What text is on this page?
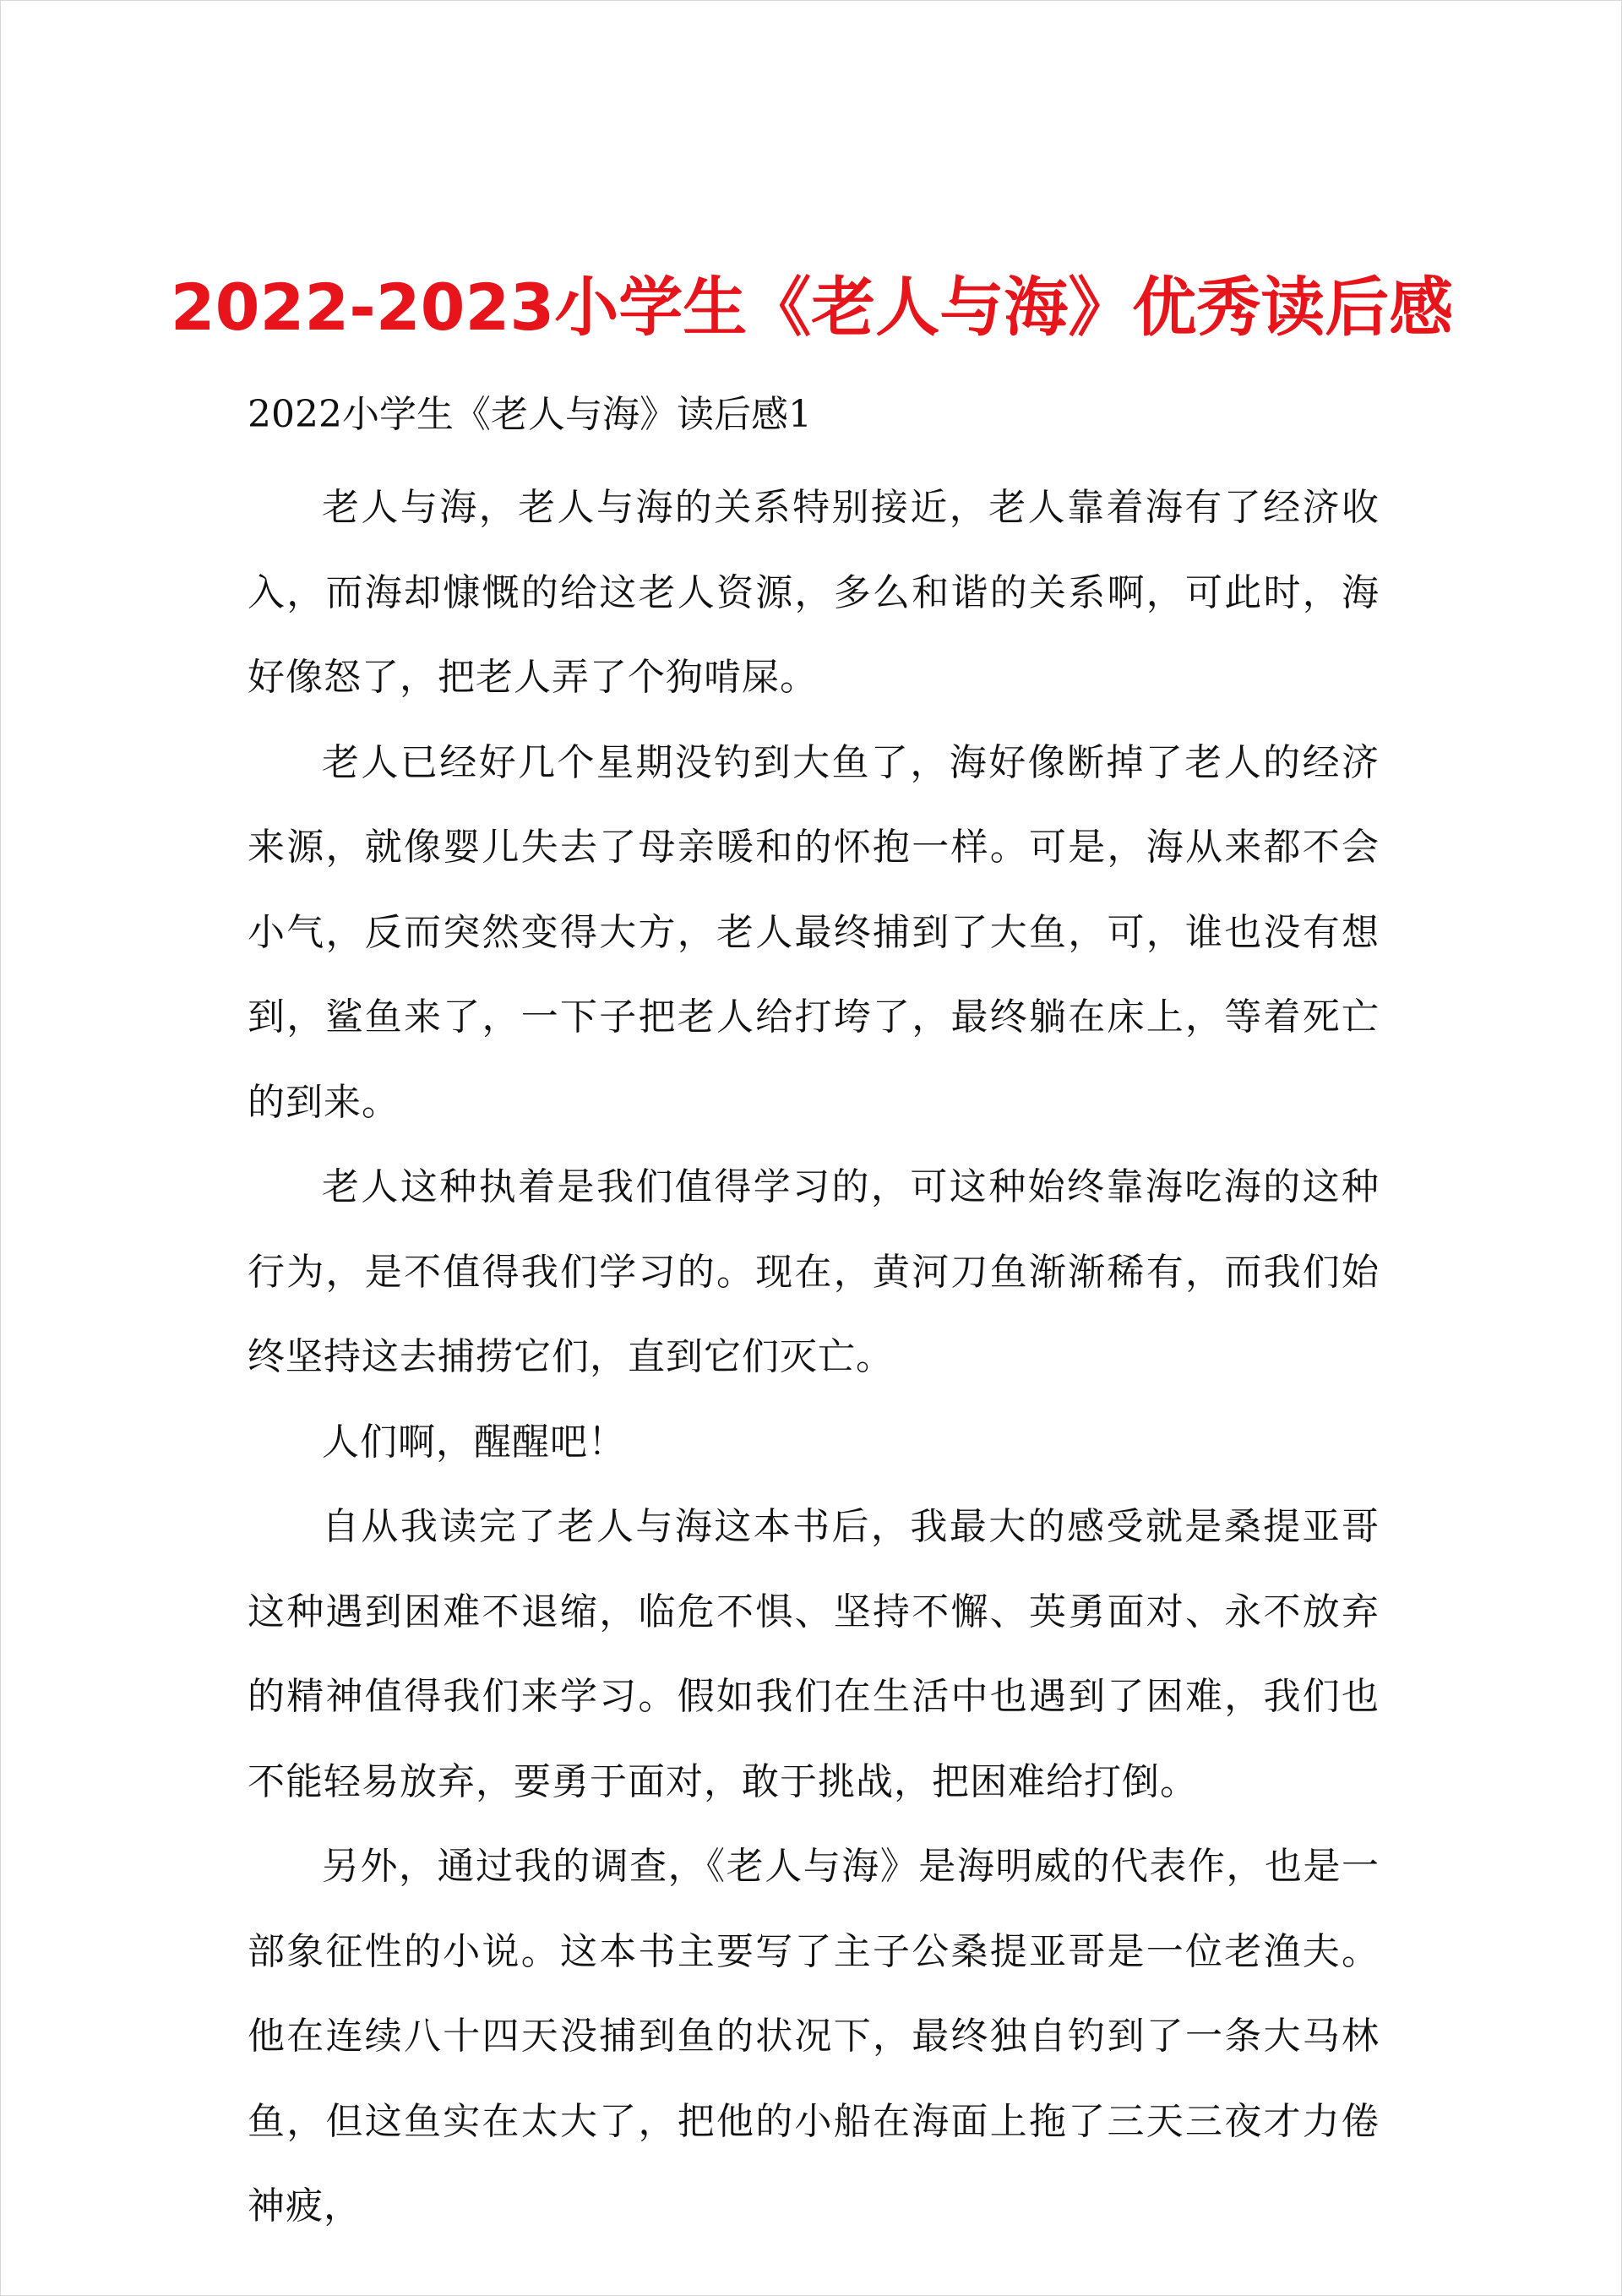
2022-2023小学生《老人与海》优秀读后感
2022小学生《老人与海》读后感1

老人与海，老人与海的关系特别接近，老人靠着海有了经济收入，而海却慷慨的给这老人资源，多么和谐的关系啊，可此时，海好像怒了，把老人弄了个狗啃屎。

老人已经好几个星期没钓到大鱼了，海好像断掉了老人的经济来源，就像婴儿失去了母亲暖和的怀抱一样。可是，海从来都不会小气，反而突然变得大方，老人最终捕到了大鱼，可，谁也没有想到，鲨鱼来了，一下子把老人给打垮了，最终躺在床上，等着死亡的到来。

老人这种执着是我们值得学习的，可这种始终靠海吃海的这种行为，是不值得我们学习的。现在，黄河刀鱼渐渐稀有，而我们始终坚持这去捕捞它们，直到它们灭亡。

人们啊，醒醒吧！

自从我读完了老人与海这本书后，我最大的感受就是桑提亚哥这种遇到困难不退缩，临危不惧、坚持不懈、英勇面对、永不放弃的精神值得我们来学习。假如我们在生活中也遇到了困难，我们也不能轻易放弃，要勇于面对，敢于挑战，把困难给打倒。

另外，通过我的调查，《老人与海》是海明威的代表作，也是一部象征性的小说。这本书主要写了主子公桑提亚哥是一位老渔夫。他在连续八十四天没捕到鱼的状况下，最终独自钓到了一条大马林鱼，但这鱼实在太大了，把他的小船在海面上拖了三天三夜才力倦神疲，
